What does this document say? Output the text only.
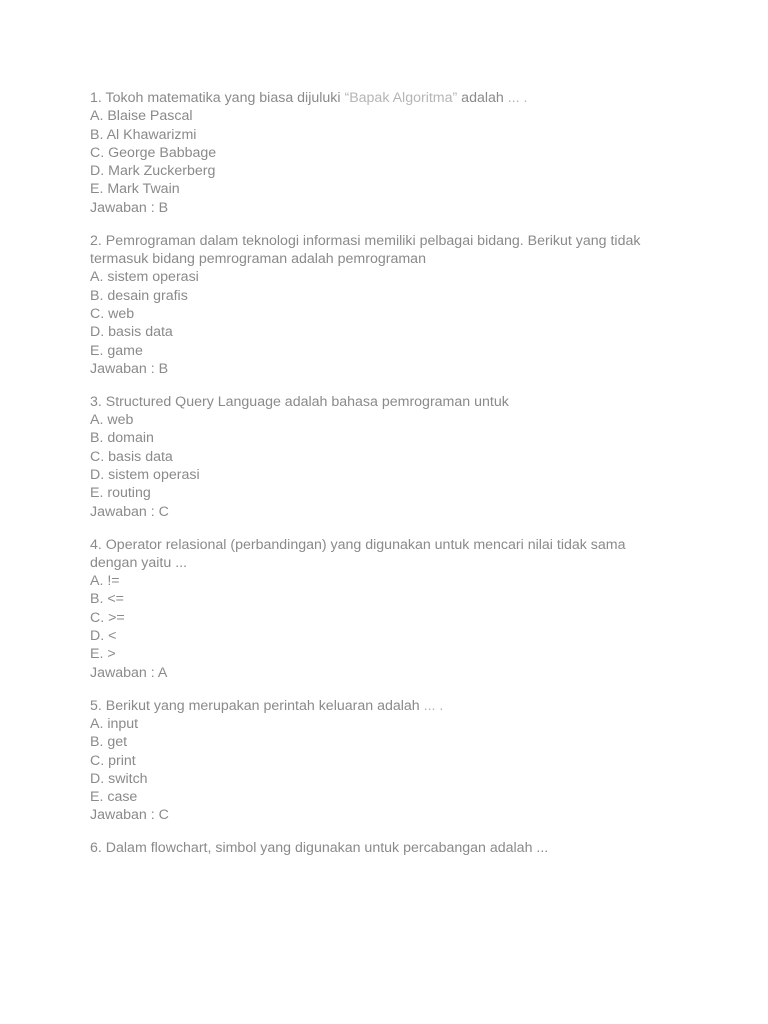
1. Tokoh matematika yang biasa dijuluki “Bapak Algoritma” adalah ... .

A. Blaise Pascal

B. Al Khawarizmi

C. George Babbage

D. Mark Zuckerberg

E. Mark Twain

Jawaban : B

2. Pemrograman dalam teknologi informasi memiliki pelbagai bidang. Berikut yang tidak

termasuk bidang pemrograman adalah pemrograman

A. sistem operasi

B. desain grafis

C. web

D. basis data

E. game

Jawaban : B

3. Structured Query Language adalah bahasa pemrograman untuk

A. web

B. domain

C. basis data

D. sistem operasi

E. routing

Jawaban : C

4. Operator relasional (perbandingan) yang digunakan untuk mencari nilai tidak sama

dengan yaitu ...

A. !=

B. <=

C. >=

D. <

E. >

Jawaban : A

5. Berikut yang merupakan perintah keluaran adalah ... .

A. input

B. get

C. print

D. switch

E. case

Jawaban : C

6. Dalam flowchart, simbol yang digunakan untuk percabangan adalah ...
